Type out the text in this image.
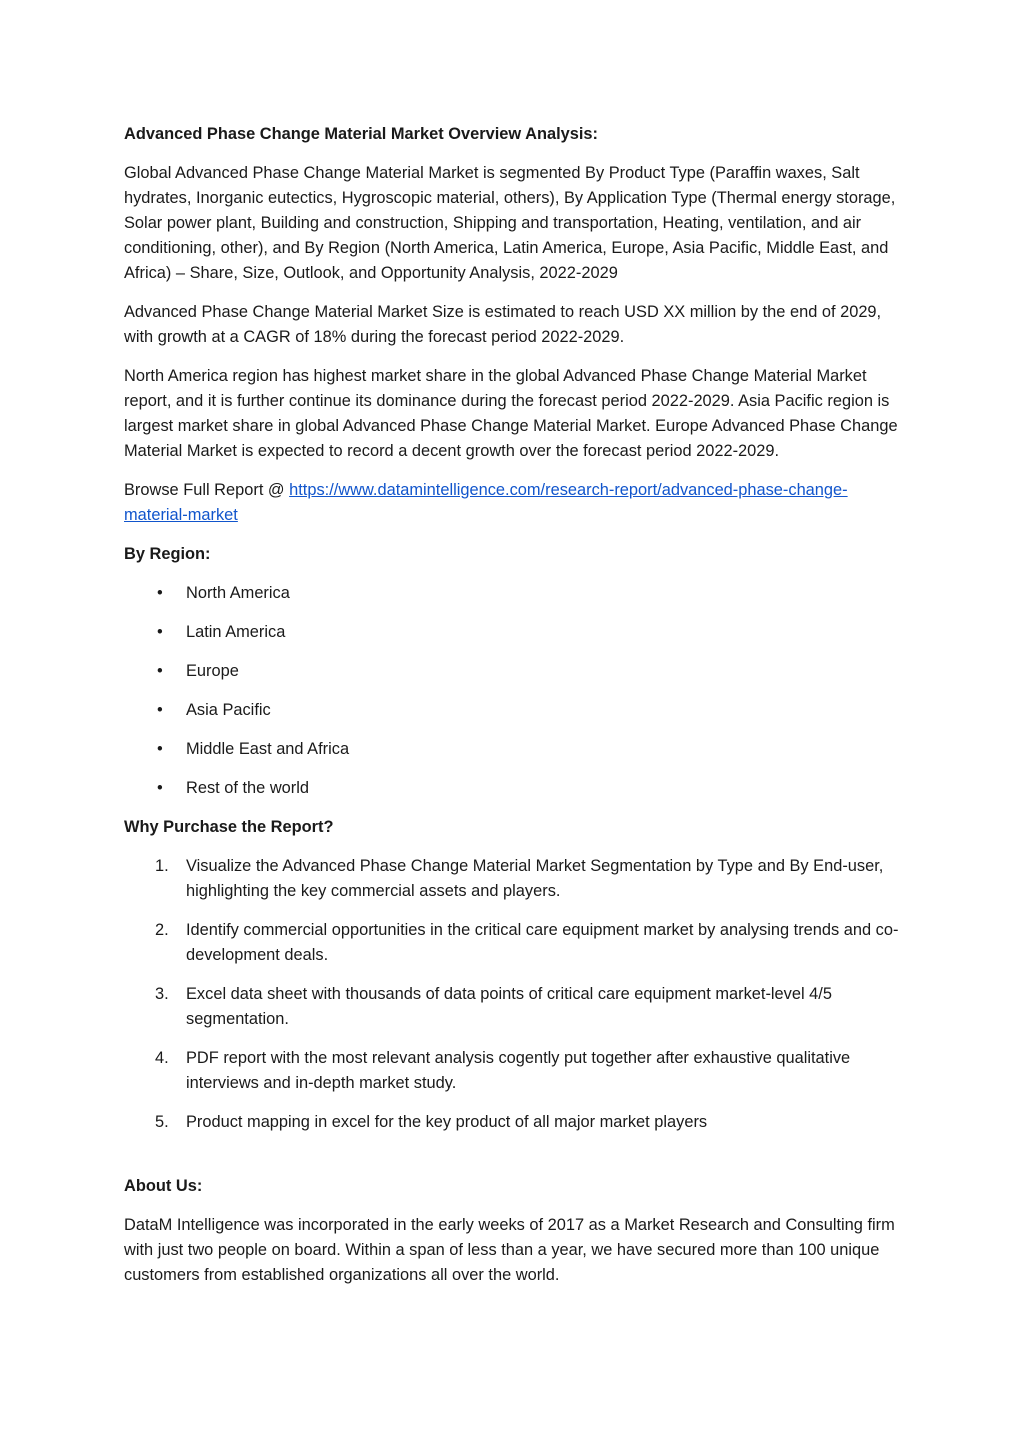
Advanced Phase Change Material Market Overview Analysis:

Global Advanced Phase Change Material Market is segmented By Product Type (Paraffin waxes, Salt hydrates, Inorganic eutectics, Hygroscopic material, others), By Application Type (Thermal energy storage, Solar power plant, Building and construction, Shipping and transportation, Heating, ventilation, and air conditioning, other), and By Region (North America, Latin America, Europe, Asia Pacific, Middle East, and Africa) – Share, Size, Outlook, and Opportunity Analysis, 2022-2029

Advanced Phase Change Material Market Size is estimated to reach USD XX million by the end of 2029, with growth at a CAGR of 18% during the forecast period 2022-2029.

North America region has highest market share in the global Advanced Phase Change Material Market report, and it is further continue its dominance during the forecast period 2022-2029. Asia Pacific region is largest market share in global Advanced Phase Change Material Market. Europe Advanced Phase Change Material Market is expected to record a decent growth over the forecast period 2022-2029.

Browse Full Report @ https://www.datamintelligence.com/research-report/advanced-phase-change-material-market

By Region:

• North America
• Latin America
• Europe
• Asia Pacific
• Middle East and Africa
• Rest of the world

Why Purchase the Report?

1. Visualize the Advanced Phase Change Material Market Segmentation by Type and By End-user, highlighting the key commercial assets and players.
2. Identify commercial opportunities in the critical care equipment market by analysing trends and co-development deals.
3. Excel data sheet with thousands of data points of critical care equipment market-level 4/5 segmentation.
4. PDF report with the most relevant analysis cogently put together after exhaustive qualitative interviews and in-depth market study.
5. Product mapping in excel for the key product of all major market players

About Us:

DataM Intelligence was incorporated in the early weeks of 2017 as a Market Research and Consulting firm with just two people on board. Within a span of less than a year, we have secured more than 100 unique customers from established organizations all over the world.
